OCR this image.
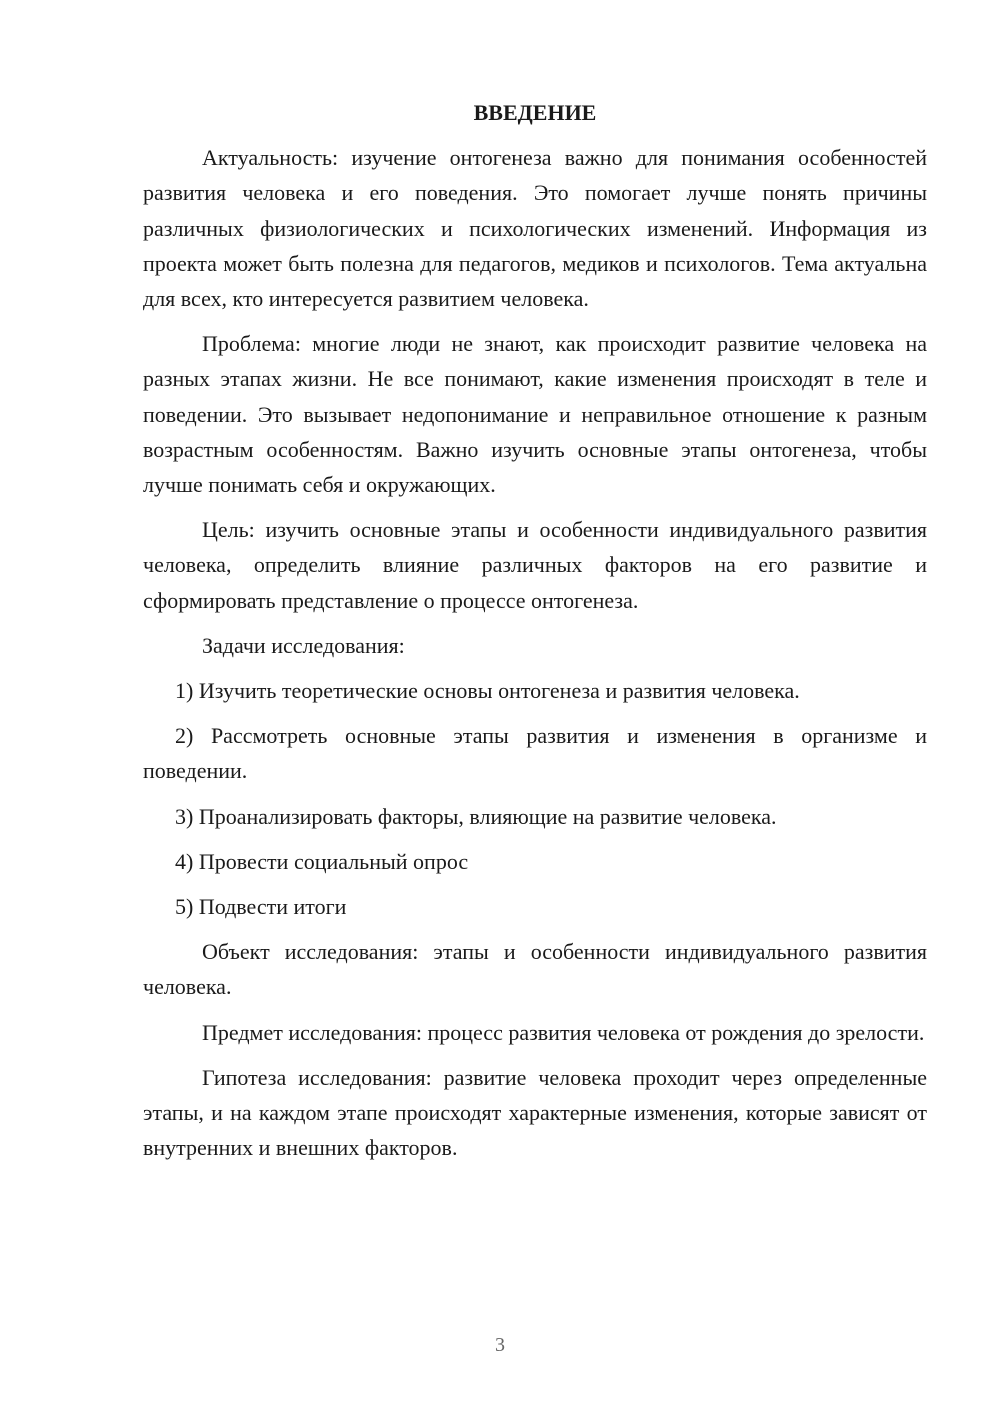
ВВЕДЕНИЕ

Актуальность: изучение онтогенеза важно для понимания особенностей развития человека и его поведения. Это помогает лучше понять причины различных физиологических и психологических изменений. Информация из проекта может быть полезна для педагогов, медиков и психологов. Тема актуальна для всех, кто интересуется развитием человека.

Проблема: многие люди не знают, как происходит развитие человека на разных этапах жизни. Не все понимают, какие изменения происходят в теле и поведении. Это вызывает недопонимание и неправильное отношение к разным возрастным особенностям. Важно изучить основные этапы онтогенеза, чтобы лучше понимать себя и окружающих.

Цель: изучить основные этапы и особенности индивидуального развития человека, определить влияние различных факторов на его развитие и сформировать представление о процессе онтогенеза.

Задачи исследования:

1) Изучить теоретические основы онтогенеза и развития человека.

2) Рассмотреть основные этапы развития и изменения в организме и поведении.

3) Проанализировать факторы, влияющие на развитие человека.

4) Провести социальный опрос

5) Подвести итоги

Объект исследования: этапы и особенности индивидуального развития человека.

Предмет исследования: процесс развития человека от рождения до зрелости.

Гипотеза исследования: развитие человека проходит через определенные этапы, и на каждом этапе происходят характерные изменения, которые зависят от внутренних и внешних факторов.

3
